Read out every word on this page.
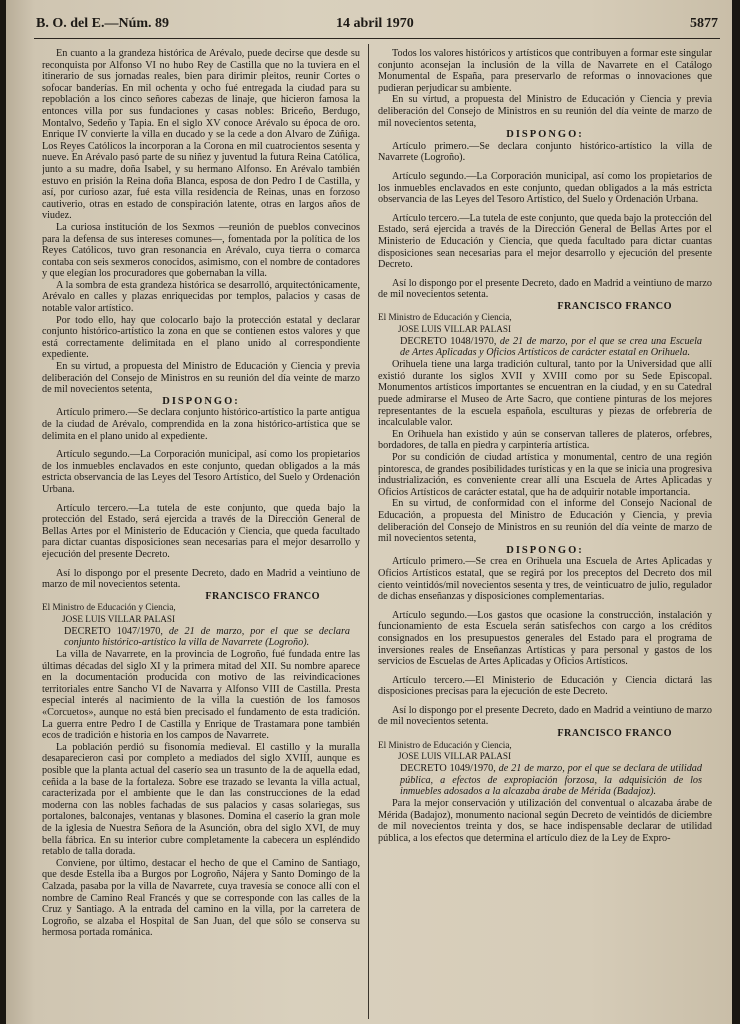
B. O. del E.—Núm. 89	14 abril 1970	5877

En cuanto a la grandeza histórica de Arévalo, puede decirse que desde su reconquista por Alfonso VI no hubo Rey de Castilla que no la tuviera en el itinerario de sus jornadas reales, bien para dirimir pleitos, reunir Cortes o sofocar banderías. En mil ochenta y ocho fué entregada la ciudad para su repoblación a los cinco señores cabezas de linaje, que hicieron famosa la entonces villa por sus fundaciones y casas nobles: Briceño, Berdugo, Montalvo, Sedeño y Tapia. En el siglo XV conoce Arévalo su época de oro. Enrique IV convierte la villa en ducado y se la cede a don Alvaro de Zúñiga. Los Reyes Católicos la incorporan a la Corona en mil cuatrocientos sesenta y nueve. En Arévalo pasó parte de su niñez y juventud la futura Reina Católica, junto a su madre, doña Isabel, y su hermano Alfonso. En Arévalo también estuvo en prisión la Reina doña Blanca, esposa de don Pedro I de Castilla, y así, por curioso azar, fué esta villa residencia de Reinas, unas en forzoso cautiverio, otras en estado de conspiración latente, otras en largos años de viudez.

La curiosa institución de los Sexmos —reunión de pueblos convecinos para la defensa de sus intereses comunes—, fomentada por la política de los Reyes Católicos, tuvo gran resonancia en Arévalo, cuya tierra o comarca contaba con seis sexmeros conocidos, asimismo, con el nombre de contadores y que elegían los procuradores que gobernaban la villa.

A la sombra de esta grandeza histórica se desarrolló, arquitectónicamente, Arévalo en calles y plazas enriquecidas por templos, palacios y casas de notable valor artístico.

Por todo ello, hay que colocarlo bajo la protección estatal y declarar conjunto histórico-artístico la zona en que se contienen estos valores y que está correctamente delimitada en el plano unido al correspondiente expediente.

En su virtud, a propuesta del Ministro de Educación y Ciencia y previa deliberación del Consejo de Ministros en su reunión del día veinte de marzo de mil novecientos setenta,

DISPONGO:

Artículo primero.—Se declara conjunto histórico-artístico la parte antigua de la ciudad de Arévalo, comprendida en la zona histórico-artística que se delimita en el plano unido al expediente.

Artículo segundo.—La Corporación municipal, así como los propietarios de los inmuebles enclavados en este conjunto, quedan obligados a la más estricta observancia de las Leyes del Tesoro Artístico, del Suelo y Ordenación Urbana.

Artículo tercero.—La tutela de este conjunto, que queda bajo la protección del Estado, será ejercida a través de la Dirección General de Bellas Artes por el Ministerio de Educación y Ciencia, que queda facultado para dictar cuantas disposiciones sean necesarias para el mejor desarrollo y ejecución del presente Decreto.

Así lo dispongo por el presente Decreto, dado en Madrid a veintiuno de marzo de mil novecientos setenta.

FRANCISCO FRANCO

El Ministro de Educación y Ciencia,
JOSE LUIS VILLAR PALASI

DECRETO 1047/1970, de 21 de marzo, por el que se declara conjunto histórico-artístico la villa de Navarrete (Logroño).

La villa de Navarrete, en la provincia de Logroño, fué fundada entre las últimas décadas del siglo XI y la primera mitad del XII. Su nombre aparece en la documentación producida con motivo de las reivindicaciones territoriales entre Sancho VI de Navarra y Alfonso VIII de Castilla. Presta especial interés al nacimiento de la villa la cuestión de los famosos «Corcuetos», aunque no está bien precisado el fundamento de esta tradición. La guerra entre Pedro I de Castilla y Enrique de Trastamara pone también ecos de tradición e historia en los campos de Navarrete.

La población perdió su fisonomía medieval. El castillo y la muralla desaparecieron casi por completo a mediados del siglo XVIII, aunque es posible que la planta actual del caserío sea un trasunto de la de aquella edad, ceñida a la base de la fortaleza. Sobre ese trazado se levanta la villa actual, caracterizada por el ambiente que le dan las construcciones de la edad moderna con las nobles fachadas de sus palacios y casas solariegas, sus portalones, balconajes, ventanas y blasones. Domina el caserío la gran mole de la iglesia de Nuestra Señora de la Asunción, obra del siglo XVI, de muy bella fábrica. En su interior cubre completamente la cabecera un espléndido retablo de talla dorada.

Conviene, por último, destacar el hecho de que el Camino de Santiago, que desde Estella iba a Burgos por Logroño, Nájera y Santo Domingo de la Calzada, pasaba por la villa de Navarrete, cuya travesía se conoce allí con el nombre de Camino Real Francés y que se corresponde con las calles de la Cruz y Santiago. A la entrada del camino en la villa, por la carretera de Logroño, se alzaba el Hospital de San Juan, del que sólo se conserva su hermosa portada románica.

Todos los valores históricos y artísticos que contribuyen a formar este singular conjunto aconsejan la inclusión de la villa de Navarrete en el Catálogo Monumental de España, para preservarlo de reformas o innovaciones que pudieran perjudicar su ambiente.

En su virtud, a propuesta del Ministro de Educación y Ciencia y previa deliberación del Consejo de Ministros en su reunión del día veinte de marzo de mil novecientos setenta,

DISPONGO:

Artículo primero.—Se declara conjunto histórico-artístico la villa de Navarrete (Logroño).

Artículo segundo.—La Corporación municipal, así como los propietarios de los inmuebles enclavados en este conjunto, quedan obligados a la más estricta observancia de las Leyes del Tesoro Artístico, del Suelo y Ordenación Urbana.

Artículo tercero.—La tutela de este conjunto, que queda bajo la protección del Estado, será ejercida a través de la Dirección General de Bellas Artes por el Ministerio de Educación y Ciencia, que queda facultado para dictar cuantas disposiciones sean necesarias para el mejor desarrollo y ejecución del presente Decreto.

Así lo dispongo por el presente Decreto, dado en Madrid a veintiuno de marzo de mil novecientos setenta.

FRANCISCO FRANCO

El Ministro de Educación y Ciencia,
JOSE LUIS VILLAR PALASI

DECRETO 1048/1970, de 21 de marzo, por el que se crea una Escuela de Artes Aplicadas y Oficios Artísticos de carácter estatal en Orihuela.

Orihuela tiene una larga tradición cultural, tanto por la Universidad que allí existió durante los siglos XVII y XVIII como por su Sede Episcopal. Monumentos artísticos importantes se encuentran en la ciudad, y en su Catedral puede admirarse el Museo de Arte Sacro, que contiene pinturas de los mejores representantes de la escuela española, esculturas y piezas de orfebrería de incalculable valor.

En Orihuela han existido y aún se conservan talleres de plateros, orfebres, bordadores, de talla en piedra y carpintería artística.

Por su condición de ciudad artística y monumental, centro de una región pintoresca, de grandes posibilidades turísticas y en la que se inicia una progresiva industrialización, es conveniente crear allí una Escuela de Artes Aplicadas y Oficios Artísticos de carácter estatal, que ha de adquirir notable importancia.

En su virtud, de conformidad con el informe del Consejo Nacional de Educación, a propuesta del Ministro de Educación y Ciencia, y previa deliberación del Consejo de Ministros en su reunión del día veinte de marzo de mil novecientos setenta,

DISPONGO:

Artículo primero.—Se crea en Orihuela una Escuela de Artes Aplicadas y Oficios Artísticos estatal, que se regirá por los preceptos del Decreto dos mil ciento veintidós/mil novecientos sesenta y tres, de veinticuatro de julio, regulador de dichas enseñanzas y disposiciones complementarias.

Artículo segundo.—Los gastos que ocasione la construcción, instalación y funcionamiento de esta Escuela serán satisfechos con cargo a los créditos consignados en los presupuestos generales del Estado para el programa de inversiones reales de Enseñanzas Artísticas y para personal y gastos de los servicios de Escuelas de Artes Aplicadas y Oficios Artísticos.

Artículo tercero.—El Ministerio de Educación y Ciencia dictará las disposiciones precisas para la ejecución de este Decreto.

Así lo dispongo por el presente Decreto, dado en Madrid a veintiuno de marzo de mil novecientos setenta.

FRANCISCO FRANCO

El Ministro de Educación y Ciencia,
JOSE LUIS VILLAR PALASI

DECRETO 1049/1970, de 21 de marzo, por el que se declara de utilidad pública, a efectos de expropiación forzosa, la adquisición de los inmuebles adosados a la alcazaba árabe de Mérida (Badajoz).

Para la mejor conservación y utilización del conventual o alcazaba árabe de Mérida (Badajoz), monumento nacional según Decreto de veintidós de diciembre de mil novecientos treinta y dos, se hace indispensable declarar de utilidad pública, a los efectos que determina el artículo diez de la Ley de Expro-
